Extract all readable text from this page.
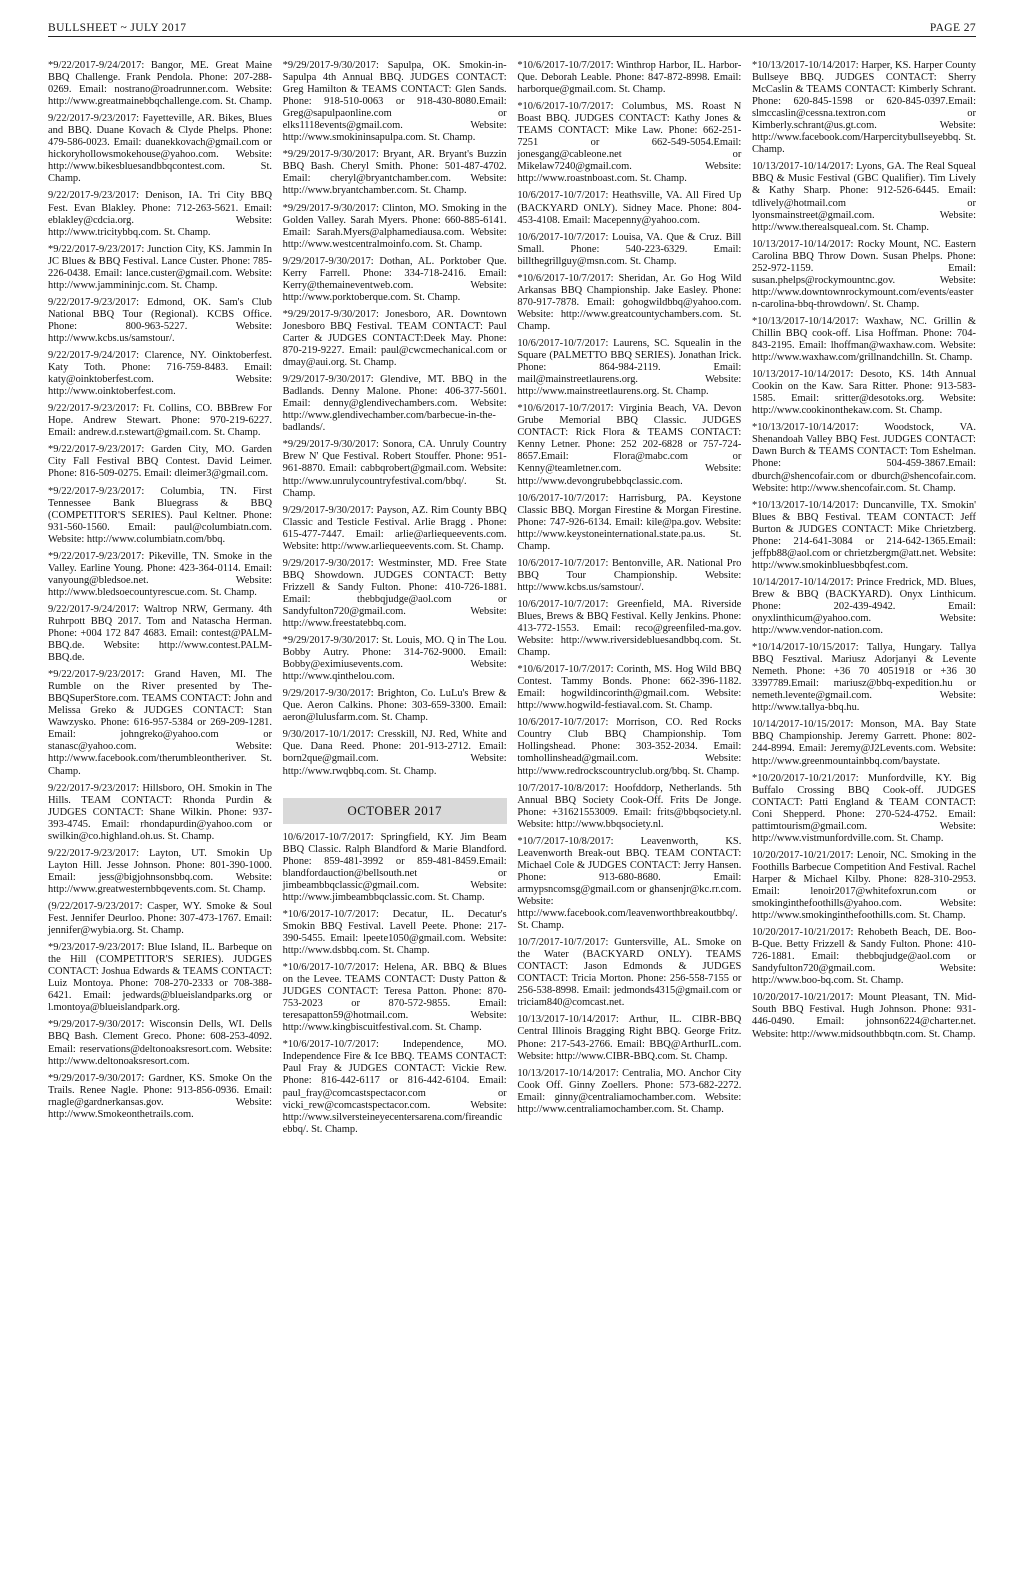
BULLSHEET ~ JULY 2017	PAGE 27

*9/22/2017-9/24/2017: Bangor, ME. Great Maine BBQ Challenge. Frank Pendola. Phone: 207-288-0269. Email: nostrano@roadrunner.com. Website: http://www.greatmainebbqchallenge.com. St. Champ.

9/22/2017-9/23/2017: Fayetteville, AR. Bikes, Blues and BBQ. Duane Kovach & Clyde Phelps. Phone: 479-586-0023. Email: duanekkovach@gmail.com or hickoryhollowsmokehouse@yahoo.com. Website: http://www.bikesbluesandbbqcontest.com. St. Champ.

9/22/2017-9/23/2017: Denison, IA. Tri City BBQ Fest. Evan Blakley. Phone: 712-263-5621. Email: eblakley@cdcia.org. Website: http://www.tricitybbq.com. St. Champ.

*9/22/2017-9/23/2017: Junction City, KS. Jammin In JC Blues & BBQ Festival. Lance Custer. Phone: 785-226-0438. Email: lance.custer@gmail.com. Website: http://www.jammininjc.com. St. Champ.

9/22/2017-9/23/2017: Edmond, OK. Sam's Club National BBQ Tour (Regional). KCBS Office. Phone: 800-963-5227. Website: http://www.kcbs.us/samstour/.

9/22/2017-9/24/2017: Clarence, NY. Oinktoberfest. Katy Toth. Phone: 716-759-8483. Email: katy@oinktoberfest.com. Website: http://www.oinktoberfest.com.

9/22/2017-9/23/2017: Ft. Collins, CO. BBBrew For Hope. Andrew Stewart. Phone: 970-219-6227. Email: andrew.d.r.stewart@gmail.com. St. Champ.

*9/22/2017-9/23/2017: Garden City, MO. Garden City Fall Festival BBQ Contest. David Leimer. Phone: 816-509-0275. Email: dleimer3@gmail.com.

*9/22/2017-9/23/2017: Columbia, TN. First Tennessee Bank Bluegrass & BBQ (COMPETITOR'S SERIES). Paul Keltner. Phone: 931-560-1560. Email: paul@columbiatn.com. Website: http://www.columbiatn.com/bbq.

*9/22/2017-9/23/2017: Pikeville, TN. Smoke in the Valley. Earline Young. Phone: 423-364-0114. Email: vanyoung@bledsoe.net. Website: http://www.bledsoecountyrescue.com. St. Champ.

9/22/2017-9/24/2017: Waltrop NRW, Germany. 4th Ruhrpott BBQ 2017. Tom and Natascha Herman. Phone: +004 172 847 4683. Email: contest@PALM-BBQ.de. Website: http://www.contest.PALM-BBQ.de.

*9/22/2017-9/23/2017: Grand Haven, MI. The Rumble on the River presented by The-BBQSuperStore.com. TEAMS CONTACT: John and Melissa Greko & JUDGES CONTACT: Stan Wawzysko. Phone: 616-957-5384 or 269-209-1281. Email: johngreko@yahoo.com or stanasc@yahoo.com. Website: http://www.facebook.com/therumbleontheriver. St. Champ.

9/22/2017-9/23/2017: Hillsboro, OH. Smokin in The Hills. TEAM CONTACT: Rhonda Purdin & JUDGES CONTACT: Shane Wilkin. Phone: 937-393-4745. Email: rhondapurdin@yahoo.com or swilkin@co.highland.oh.us. St. Champ.

9/22/2017-9/23/2017: Layton, UT. Smokin Up Layton Hill. Jesse Johnson. Phone: 801-390-1000. Email: jess@bigjohnsonsbbq.com. Website: http://www.greatwesternbbqevents.com. St. Champ.

(9/22/2017-9/23/2017: Casper, WY. Smoke & Soul Fest. Jennifer Deurloo. Phone: 307-473-1767. Email: jennifer@wybia.org. St. Champ.

*9/23/2017-9/23/2017: Blue Island, IL. Barbeque on the Hill (COMPETITOR'S SERIES). JUDGES CONTACT: Joshua Edwards & TEAMS CONTACT: Luiz Montoya. Phone: 708-270-2333 or 708-388-6421. Email: jedwards@blueislandparks.org or l.montoya@blueislandpark.org.

*9/29/2017-9/30/2017: Wisconsin Dells, WI. Dells BBQ Bash. Clement Greco. Phone: 608-253-4092. Email: reservations@deltonoaksresort.com. Website: http://www.deltonoaksresort.com.

*9/29/2017-9/30/2017: Gardner, KS. Smoke On the Trails. Renee Nagle. Phone: 913-856-0936. Email: rnagle@gardnerkansas.gov. Website: http://www.Smokeonthetrails.com.

*9/29/2017-9/30/2017: Sapulpa, OK. Smokin-in-Sapulpa 4th Annual BBQ. JUDGES CONTACT: Greg Hamilton & TEAMS CONTACT: Glen Sands. Phone: 918-510-0063 or 918-430-8080.Email: Greg@sapulpaonline.com or elks1118events@gmail.com. Website: http://www.smokininsapulpa.com. St. Champ.

*9/29/2017-9/30/2017: Bryant, AR. Bryant's Buzzin BBQ Bash. Cheryl Smith. Phone: 501-487-4702. Email: cheryl@bryantchamber.com. Website: http://www.bryantchamber.com. St. Champ.

*9/29/2017-9/30/2017: Clinton, MO. Smoking in the Golden Valley. Sarah Myers. Phone: 660-885-6141. Email: Sarah.Myers@alphamediausa.com. Website: http://www.westcentralmoinfo.com. St. Champ.

9/29/2017-9/30/2017: Dothan, AL. Porktober Que. Kerry Farrell. Phone: 334-718-2416. Email: Kerry@themaineventweb.com. Website: http://www.porktoberque.com. St. Champ.

*9/29/2017-9/30/2017: Jonesboro, AR. Downtown Jonesboro BBQ Festival. TEAM CONTACT: Paul Carter & JUDGES CONTACT:Deek May. Phone: 870-219-9227. Email: paul@cwcmechanical.com or dmay@aui.org. St. Champ.

9/29/2017-9/30/2017: Glendive, MT. BBQ in the Badlands. Denny Malone. Phone: 406-377-5601. Email: denny@glendivechambers.com. Website: http://www.glendivechamber.com/barbecue-in-the-badlands/.

*9/29/2017-9/30/2017: Sonora, CA. Unruly Country Brew N' Que Festival. Robert Stouffer. Phone: 951-961-8870. Email: cabbqrobert@gmail.com. Website: http://www.unrulycountryfestival.com/bbq/. St. Champ.

9/29/2017-9/30/2017: Payson, AZ. Rim County BBQ Classic and Testicle Festival. Arlie Bragg . Phone: 615-477-7447. Email: arlie@arliequeevents.com. Website: http://www.arliequeevents.com. St. Champ.

9/29/2017-9/30/2017: Westminster, MD. Free State BBQ Showdown. JUDGES CONTACT: Betty Frizzell & Sandy Fulton. Phone: 410-726-1881. Email: thebbqjudge@aol.com or Sandyfulton720@gmail.com. Website: http://www.freestatebbq.com.

*9/29/2017-9/30/2017: St. Louis, MO. Q in The Lou. Bobby Autry. Phone: 314-762-9000. Email: Bobby@eximiusevents.com. Website: http://www.qinthelou.com.

9/29/2017-9/30/2017: Brighton, Co. LuLu's Brew & Que. Aeron Calkins. Phone: 303-659-3300. Email: aeron@lulusfarm.com. St. Champ.

9/30/2017-10/1/2017: Cresskill, NJ. Red, White and Que. Dana Reed. Phone: 201-913-2712. Email: born2que@gmail.com. Website: http://www.rwqbbq.com. St. Champ.

OCTOBER 2017

10/6/2017-10/7/2017: Springfield, KY. Jim Beam BBQ Classic. Ralph Blandford & Marie Blandford. Phone: 859-481-3992 or 859-481-8459.Email: blandfordauction@bellsouth.net or jimbeambbqclassic@gmail.com. Website: http://www.jimbeambbqclassic.com. St. Champ.

*10/6/2017-10/7/2017: Decatur, IL. Decatur's Smokin BBQ Festival. Lavell Peete. Phone: 217-390-5455. Email: lpeete1050@gmail.com. Website: http://www.dsbbq.com. St. Champ.

*10/6/2017-10/7/2017: Helena, AR. BBQ & Blues on the Levee. TEAMS CONTACT: Dusty Patton & JUDGES CONTACT: Teresa Patton. Phone: 870-753-2023 or 870-572-9855. Email: teresapatton59@hotmail.com. Website: http://www.kingbiscuitfestival.com. St. Champ.

*10/6/2017-10/7/2017: Independence, MO. Independence Fire & Ice BBQ. TEAMS CONTACT: Paul Fray & JUDGES CONTACT: Vickie Rew. Phone: 816-442-6117 or 816-442-6104. Email: paul_fray@comcastspectacor.com or vicki_rew@comcastspectacor.com. Website: http://www.silversteineyecentersarena.com/fireandicebbq/. St. Champ.

*10/6/2017-10/7/2017: Winthrop Harbor, IL. Harbor-Que. Deborah Leable. Phone: 847-872-8998. Email: harborque@gmail.com. St. Champ.

*10/6/2017-10/7/2017: Columbus, MS. Roast N Boast BBQ. JUDGES CONTACT: Kathy Jones & TEAMS CONTACT: Mike Law. Phone: 662-251-7251 or 662-549-5054.Email: jonesgang@cableone.net or Mikelaw7240@gmail.com. Website: http://www.roastnboast.com. St. Champ.

10/6/2017-10/7/2017: Heathsville, VA. All Fired Up (BACKYARD ONLY). Sidney Mace. Phone: 804-453-4108. Email: Macepenny@yahoo.com.

10/6/2017-10/7/2017: Louisa, VA. Que & Cruz. Bill Small. Phone: 540-223-6329. Email: billthegrillguy@msn.com. St. Champ.

*10/6/2017-10/7/2017: Sheridan, Ar. Go Hog Wild Arkansas BBQ Championship. Jake Easley. Phone: 870-917-7878. Email: gohogwildbbq@yahoo.com. Website: http://www.greatcountychambers.com. St. Champ.

10/6/2017-10/7/2017: Laurens, SC. Squealin in the Square (PALMETTO BBQ SERIES). Jonathan Irick. Phone: 864-984-2119. Email: mail@mainstreetlaurens.org. Website: http://www.mainstreetlaurens.org. St. Champ.

*10/6/2017-10/7/2017: Virginia Beach, VA. Devon Grube Memorial BBQ Classic. JUDGES CONTACT: Rick Flora & TEAMS CONTACT: Kenny Letner. Phone: 252 202-6828 or 757-724-8657.Email: Flora@mabc.com or Kenny@teamletner.com. Website: http://www.devongrubebbqclassic.com.

10/6/2017-10/7/2017: Harrisburg, PA. Keystone Classic BBQ. Morgan Firestine & Morgan Firestine. Phone: 747-926-6134. Email: kile@pa.gov. Website: http://www.keystoneinternational.state.pa.us. St. Champ.

10/6/2017-10/7/2017: Bentonville, AR. National Pro BBQ Tour Championship. Website: http://www.kcbs.us/samstour/.

10/6/2017-10/7/2017: Greenfield, MA. Riverside Blues, Brews & BBQ Festival. Kelly Jenkins. Phone: 413-772-1553. Email: reco@greenfiled-ma.gov. Website: http://www.riversidebluesandbbq.com. St. Champ.

*10/6/2017-10/7/2017: Corinth, MS. Hog Wild BBQ Contest. Tammy Bonds. Phone: 662-396-1182. Email: hogwildincorinth@gmail.com. Website: http://www.hogwild-festiaval.com. St. Champ.

10/6/2017-10/7/2017: Morrison, CO. Red Rocks Country Club BBQ Championship. Tom Hollingshead. Phone: 303-352-2034. Email: tomhollinshead@gmail.com. Website: http://www.redrockscountryclub.org/bbq. St. Champ.

10/7/2017-10/8/2017: Hoofddorp, Netherlands. 5th Annual BBQ Society Cook-Off. Frits De Jonge. Phone: +31621553009. Email: frits@bbqsociety.nl. Website: http://www.bbqsociety.nl.

*10/7/2017-10/8/2017: Leavenworth, KS. Leavenworth Break-out BBQ. TEAM CONTACT: Michael Cole & JUDGES CONTACT: Jerry Hansen. Phone: 913-680-8680. Email: armypsncomsg@gmail.com or ghansenjr@kc.rr.com. Website: http://www.facebook.com/leavenworthbreakoutbbq/. St. Champ.

10/7/2017-10/7/2017: Guntersville, AL. Smoke on the Water (BACKYARD ONLY). TEAMS CONTACT: Jason Edmonds & JUDGES CONTACT: Tricia Morton. Phone: 256-558-7155 or 256-538-8998. Email: jedmonds4315@gmail.com or triciam840@comcast.net.

10/13/2017-10/14/2017: Arthur, IL. CIBR-BBQ Central Illinois Bragging Right BBQ. George Fritz. Phone: 217-543-2766. Email: BBQ@ArthurIL.com. Website: http://www.CIBR-BBQ.com. St. Champ.

10/13/2017-10/14/2017: Centralia, MO. Anchor City Cook Off. Ginny Zoellers. Phone: 573-682-2272. Email: ginny@centraliamochamber.com. Website: http://www.centraliamochamber.com. St. Champ.

*10/13/2017-10/14/2017: Harper, KS. Harper County Bullseye BBQ. JUDGES CONTACT: Sherry McCaslin & TEAMS CONTACT: Kimberly Schrant. Phone: 620-845-1598 or 620-845-0397.Email: slmccaslin@cessna.textron.com or Kimberly.schrant@us.gt.com. Website: http://www.facebook.com/Harpercitybullseyebbq. St. Champ.

10/13/2017-10/14/2017: Lyons, GA. The Real Squeal BBQ & Music Festival (GBC Qualifier). Tim Lively & Kathy Sharp. Phone: 912-526-6445. Email: tdlively@hotmail.com or lyonsmainstreet@gmail.com. Website: http://www.therealsqueal.com. St. Champ.

10/13/2017-10/14/2017: Rocky Mount, NC. Eastern Carolina BBQ Throw Down. Susan Phelps. Phone: 252-972-1159. Email: susan.phelps@rockymountnc.gov. Website: http://www.downtownrockymount.com/events/eastern-carolina-bbq-throwdown/. St. Champ.

*10/13/2017-10/14/2017: Waxhaw, NC. Grillin & Chillin BBQ cook-off. Lisa Hoffman. Phone: 704-843-2195. Email: lhoffman@waxhaw.com. Website: http://www.waxhaw.com/grillnandchilln. St. Champ.

10/13/2017-10/14/2017: Desoto, KS. 14th Annual Cookin on the Kaw. Sara Ritter. Phone: 913-583-1585. Email: sritter@desotoks.org. Website: http://www.cookinonthekaw.com. St. Champ.

*10/13/2017-10/14/2017: Woodstock, VA. Shenandoah Valley BBQ Fest. JUDGES CONTACT: Dawn Burch & TEAMS CONTACT: Tom Eshelman. Phone: 504-459-3867.Email: dburch@shencofair.com or dburch@shencofair.com. Website: http://www.shencofair.com. St. Champ.

*10/13/2017-10/14/2017: Duncanville, TX. Smokin' Blues & BBQ Festival. TEAM CONTACT: Jeff Burton & JUDGES CONTACT: Mike Chrietzberg. Phone: 214-641-3084 or 214-642-1365.Email: jeffpb88@aol.com or chrietzbergm@att.net. Website: http://www.smokinbluesbbqfest.com.

10/14/2017-10/14/2017: Prince Fredrick, MD. Blues, Brew & BBQ (BACKYARD). Onyx Linthicum. Phone: 202-439-4942. Email: onyxlinthicum@yahoo.com. Website: http://www.vendor-nation.com.

*10/14/2017-10/15/2017: Tallya, Hungary. Tallya BBQ Fesztival. Mariusz Adorjanyi & Levente Nemeth. Phone: +36 70 4051918 or +36 30 3397789.Email: mariusz@bbq-expedition.hu or nemeth.levente@gmail.com. Website: http://www.tallya-bbq.hu.

10/14/2017-10/15/2017: Monson, MA. Bay State BBQ Championship. Jeremy Garrett. Phone: 802-244-8994. Email: Jeremy@J2Levents.com. Website: http://www.greenmountainbbq.com/baystate.

*10/20/2017-10/21/2017: Munfordville, KY. Big Buffalo Crossing BBQ Cook-off. JUDGES CONTACT: Patti England & TEAM CONTACT: Coni Shepperd. Phone: 270-524-4752. Email: pattimtourism@gmail.com. Website: http://www.vistmunfordville.com. St. Champ.

10/20/2017-10/21/2017: Lenoir, NC. Smoking in the Foothills Barbecue Competition And Festival. Rachel Harper & Michael Kilby. Phone: 828-310-2953. Email: lenoir2017@whitefoxrun.com or smokinginthefoothills@yahoo.com. Website: http://www.smokinginthefoothills.com. St. Champ.

10/20/2017-10/21/2017: Rehobeth Beach, DE. Boo-B-Que. Betty Frizzell & Sandy Fulton. Phone: 410-726-1881. Email: thebbqjudge@aol.com or Sandyfulton720@gmail.com. Website: http://www.boo-bq.com. St. Champ.

10/20/2017-10/21/2017: Mount Pleasant, TN. Mid-South BBQ Festival. Hugh Johnson. Phone: 931-446-0490. Email: johnson6224@charter.net. Website: http://www.midsouthbbqtn.com. St. Champ.
